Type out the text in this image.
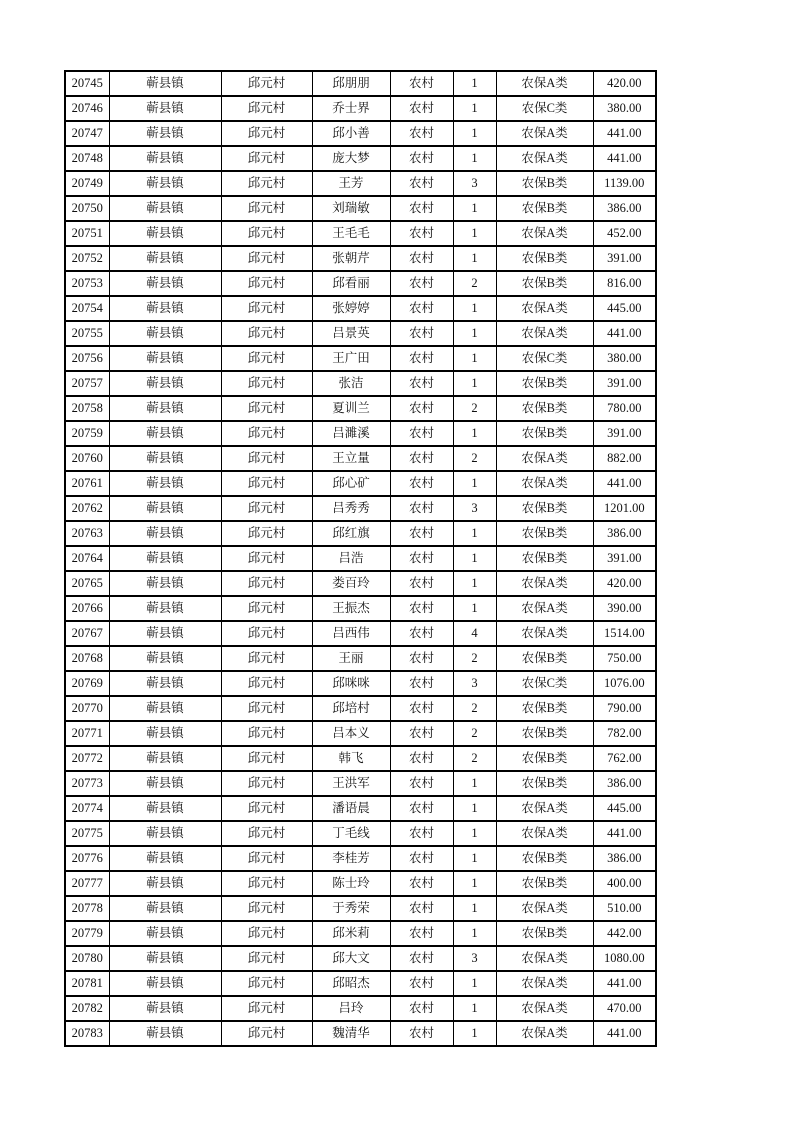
20745	蕲县镇	邱元村	邱朋朋	农村	1	农保A类	420.00
20746	蕲县镇	邱元村	乔士界	农村	1	农保C类	380.00
20747	蕲县镇	邱元村	邱小善	农村	1	农保A类	441.00
20748	蕲县镇	邱元村	庞大梦	农村	1	农保A类	441.00
20749	蕲县镇	邱元村	王芳	农村	3	农保B类	1139.00
20750	蕲县镇	邱元村	刘瑞敏	农村	1	农保B类	386.00
20751	蕲县镇	邱元村	王毛毛	农村	1	农保A类	452.00
20752	蕲县镇	邱元村	张朝芹	农村	1	农保B类	391.00
20753	蕲县镇	邱元村	邱看丽	农村	2	农保B类	816.00
20754	蕲县镇	邱元村	张婷婷	农村	1	农保A类	445.00
20755	蕲县镇	邱元村	吕景英	农村	1	农保A类	441.00
20756	蕲县镇	邱元村	王广田	农村	1	农保C类	380.00
20757	蕲县镇	邱元村	张洁	农村	1	农保B类	391.00
20758	蕲县镇	邱元村	夏训兰	农村	2	农保B类	780.00
20759	蕲县镇	邱元村	吕濉溪	农村	1	农保B类	391.00
20760	蕲县镇	邱元村	王立量	农村	2	农保A类	882.00
20761	蕲县镇	邱元村	邱心矿	农村	1	农保A类	441.00
20762	蕲县镇	邱元村	吕秀秀	农村	3	农保B类	1201.00
20763	蕲县镇	邱元村	邱红旗	农村	1	农保B类	386.00
20764	蕲县镇	邱元村	吕浩	农村	1	农保B类	391.00
20765	蕲县镇	邱元村	娄百玲	农村	1	农保A类	420.00
20766	蕲县镇	邱元村	王振杰	农村	1	农保A类	390.00
20767	蕲县镇	邱元村	吕西伟	农村	4	农保A类	1514.00
20768	蕲县镇	邱元村	王丽	农村	2	农保B类	750.00
20769	蕲县镇	邱元村	邱咪咪	农村	3	农保C类	1076.00
20770	蕲县镇	邱元村	邱培村	农村	2	农保B类	790.00
20771	蕲县镇	邱元村	吕本义	农村	2	农保B类	782.00
20772	蕲县镇	邱元村	韩飞	农村	2	农保B类	762.00
20773	蕲县镇	邱元村	王洪军	农村	1	农保B类	386.00
20774	蕲县镇	邱元村	潘语晨	农村	1	农保A类	445.00
20775	蕲县镇	邱元村	丁毛线	农村	1	农保A类	441.00
20776	蕲县镇	邱元村	李桂芳	农村	1	农保B类	386.00
20777	蕲县镇	邱元村	陈士玲	农村	1	农保B类	400.00
20778	蕲县镇	邱元村	于秀荣	农村	1	农保A类	510.00
20779	蕲县镇	邱元村	邱米莉	农村	1	农保B类	442.00
20780	蕲县镇	邱元村	邱大文	农村	3	农保A类	1080.00
20781	蕲县镇	邱元村	邱昭杰	农村	1	农保A类	441.00
20782	蕲县镇	邱元村	吕玲	农村	1	农保A类	470.00
20783	蕲县镇	邱元村	魏清华	农村	1	农保A类	441.00
